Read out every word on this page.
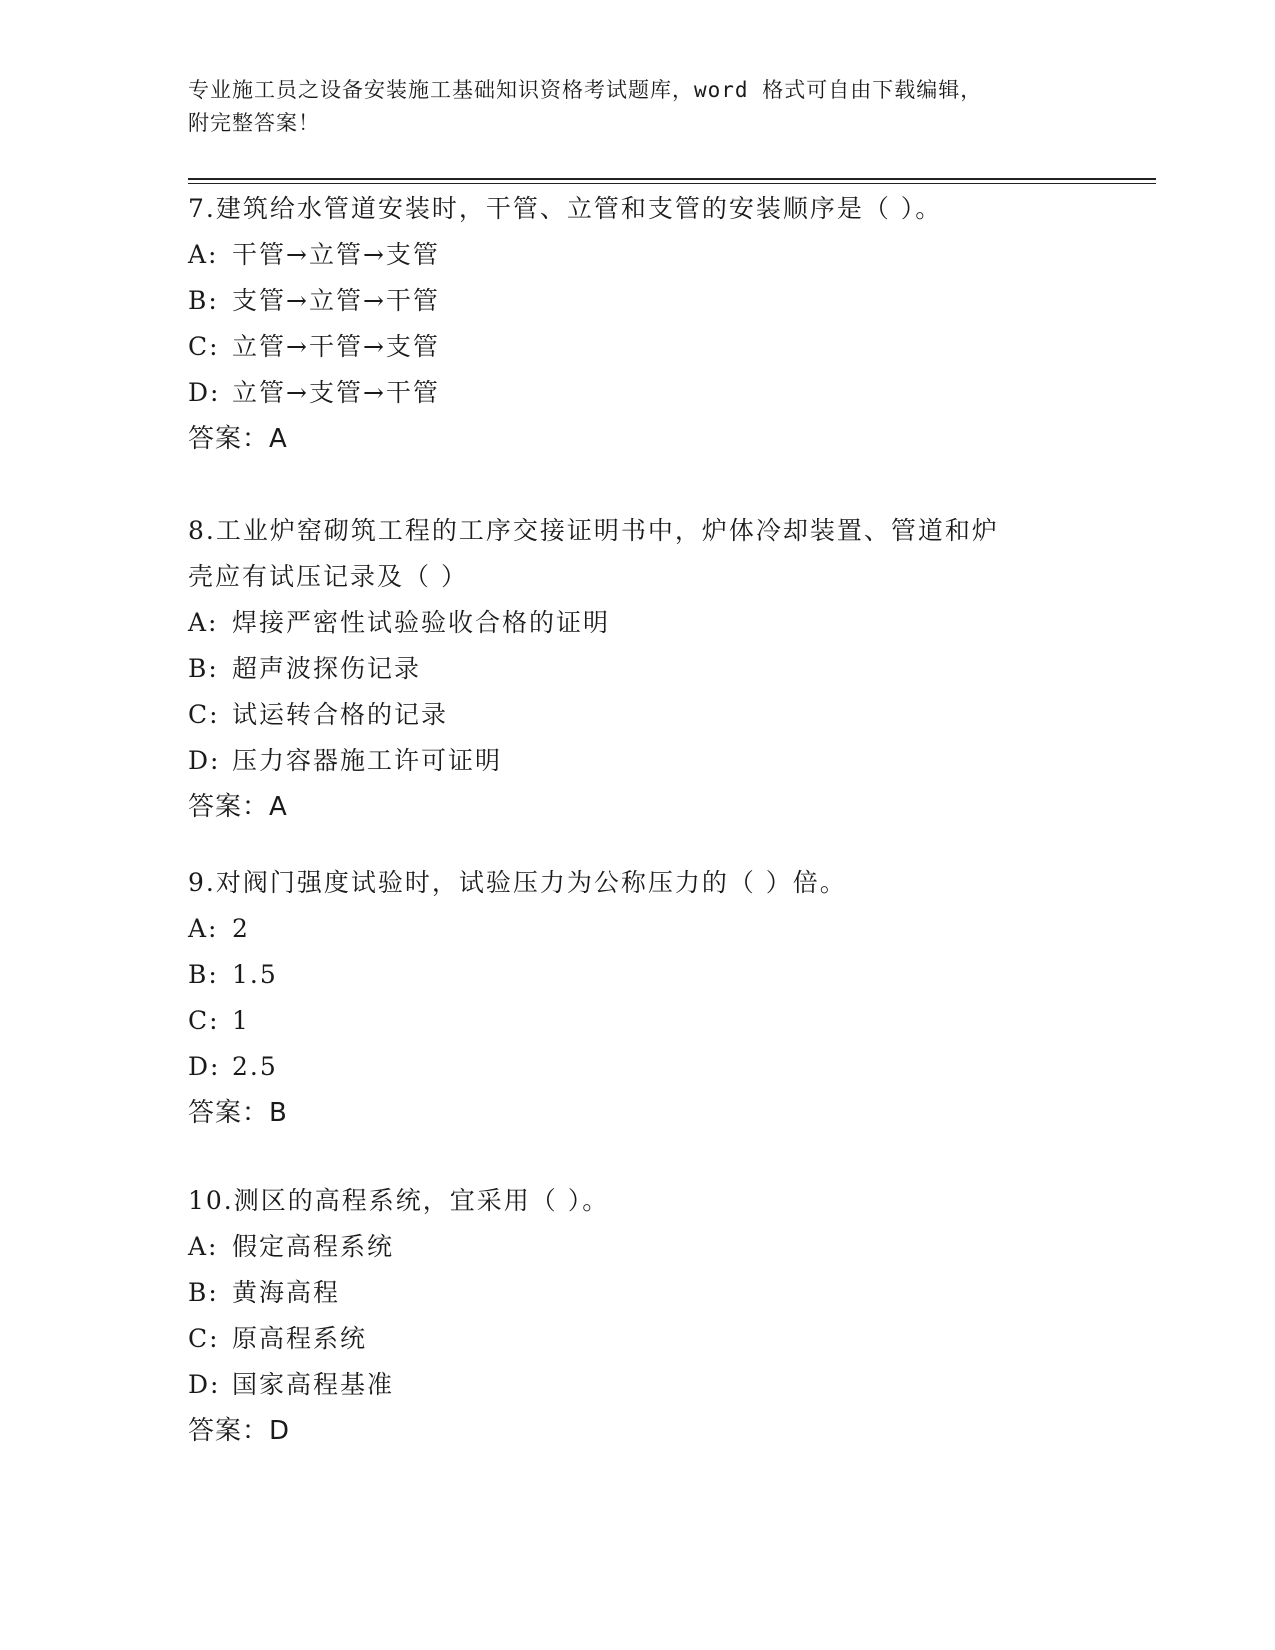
专业施工员之设备安装施工基础知识资格考试题库，word 格式可自由下载编辑，
附完整答案！
7.建筑给水管道安装时，干管、立管和支管的安装顺序是（ ）。
A: 干管→立管→支管
B: 支管→立管→干管
C: 立管→干管→支管
D: 立管→支管→干管
答案：A
8.工业炉窑砌筑工程的工序交接证明书中，炉体冷却装置、管道和炉
壳应有试压记录及（ ）
A: 焊接严密性试验验收合格的证明
B: 超声波探伤记录
C: 试运转合格的记录
D: 压力容器施工许可证明
答案：A
9.对阀门强度试验时，试验压力为公称压力的（ ）倍。
A: 2
B: 1.5
C: 1
D: 2.5
答案：B
10.测区的高程系统，宜采用（ ）。
A: 假定高程系统
B: 黄海高程
C: 原高程系统
D: 国家高程基准
答案：D
